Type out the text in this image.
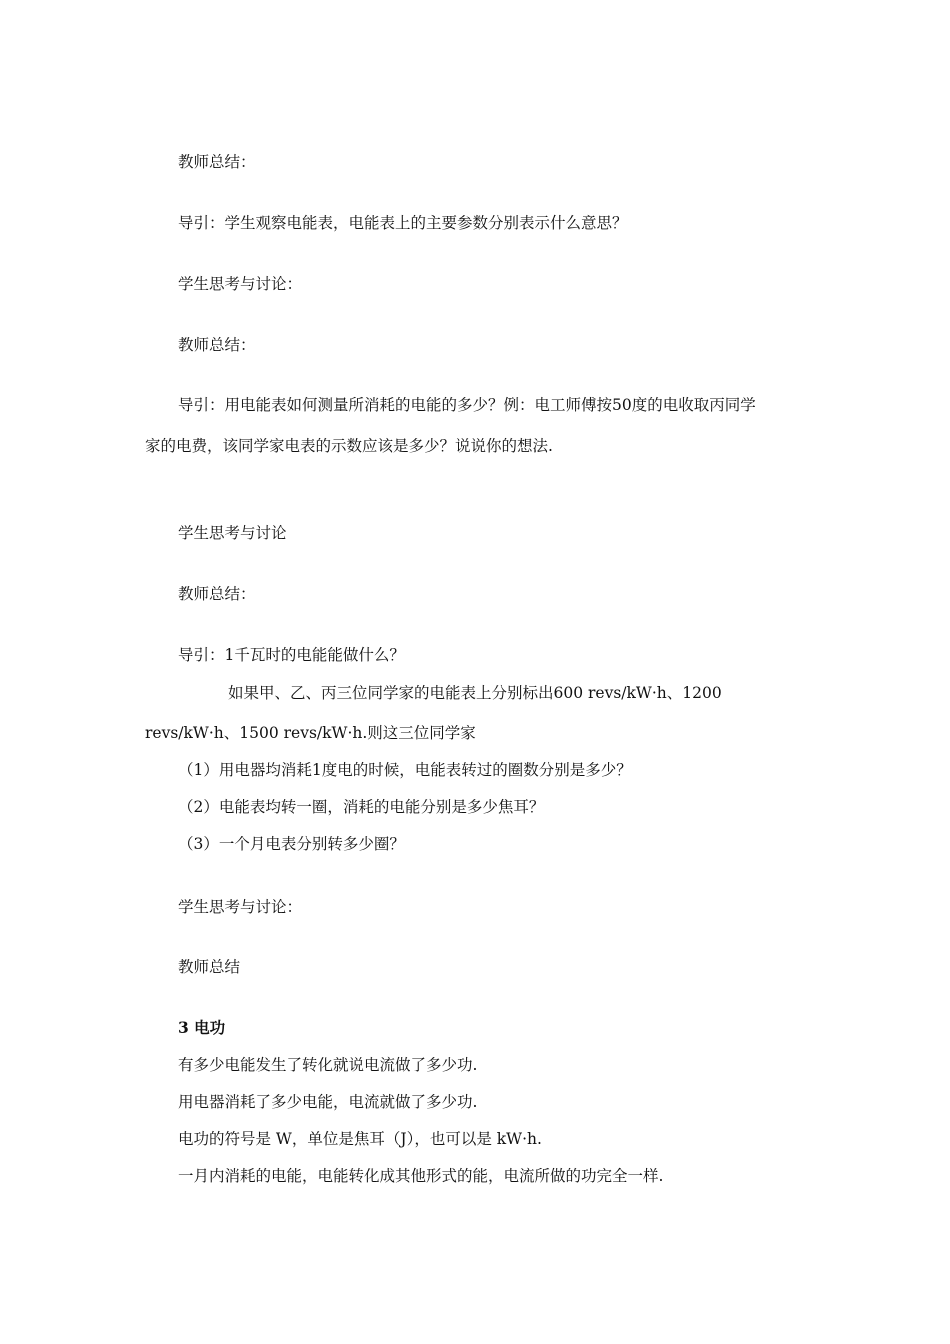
教师总结：

导引：学生观察电能表，电能表上的主要参数分别表示什么意思？

学生思考与讨论：

教师总结：

导引：用电能表如何测量所消耗的电能的多少？例：电工师傅按50度的电收取丙同学

家的电费，该同学家电表的示数应该是多少？说说你的想法.

学生思考与讨论

教师总结：

导引：1千瓦时的电能能做什么？

如果甲、乙、丙三位同学家的电能表上分别标出600 revs/kW·h、1200

revs/kW·h、1500 revs/kW·h.则这三位同学家

（1）用电器均消耗1度电的时候，电能表转过的圈数分别是多少？

（2）电能表均转一圈，消耗的电能分别是多少焦耳？

（3）一个月电表分别转多少圈？

学生思考与讨论：

教师总结

3 电功

有多少电能发生了转化就说电流做了多少功.

用电器消耗了多少电能，电流就做了多少功.

电功的符号是 W，单位是焦耳（J），也可以是 kW·h.

一月内消耗的电能，电能转化成其他形式的能，电流所做的功完全一样.
